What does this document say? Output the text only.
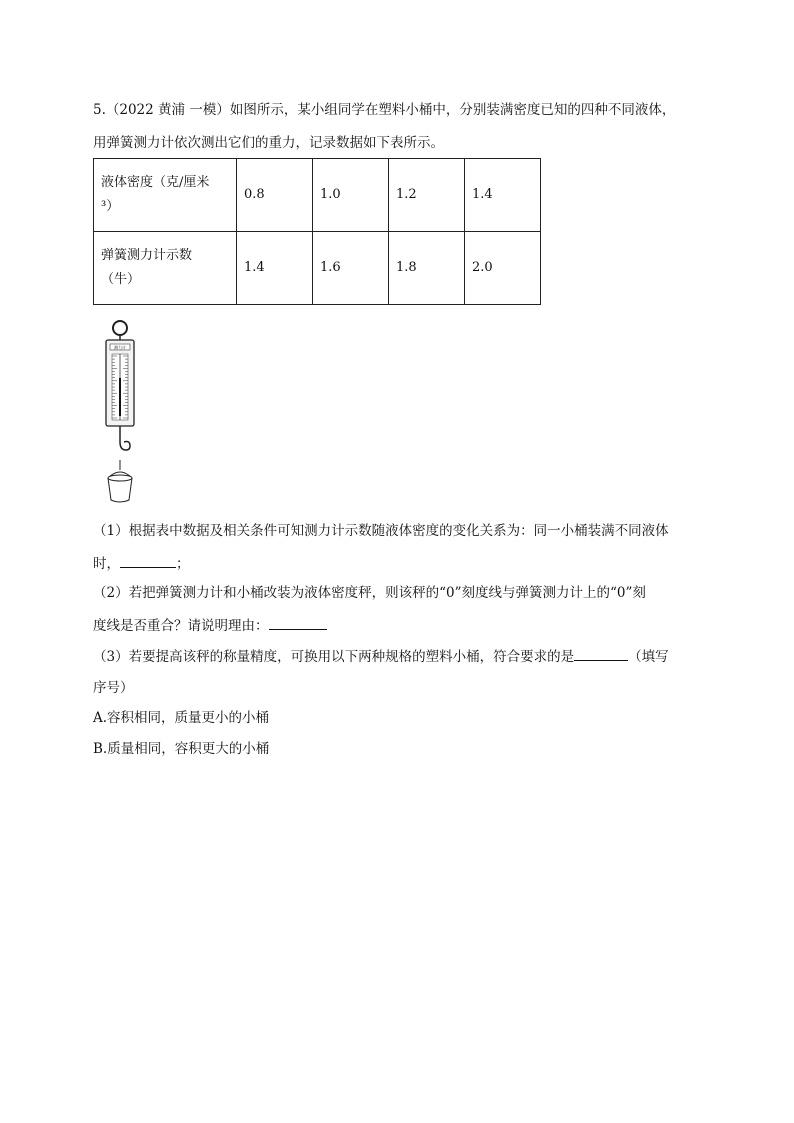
5.（2022 黄浦 一模）如图所示，某小组同学在塑料小桶中，分别装满密度已知的四种不同液体，
用弹簧测力计依次测出它们的重力，记录数据如下表所示。
液体密度（克/厘米
³）	0.8	1.0	1.2	1.4
弹簧测力计示数
（牛）	1.4	1.6	1.8	2.0
测力计
（1）根据表中数据及相关条件可知测力计示数随液体密度的变化关系为：同一小桶装满不同液体
时，	；
（2）若把弹簧测力计和小桶改装为液体密度秤，则该秤的“0”刻度线与弹簧测力计上的“0”刻
度线是否重合？请说明理由：
（3）若要提高该秤的称量精度，可换用以下两种规格的塑料小桶，符合要求的是	（填写
序号）
A.容积相同，质量更小的小桶
B.质量相同，容积更大的小桶
